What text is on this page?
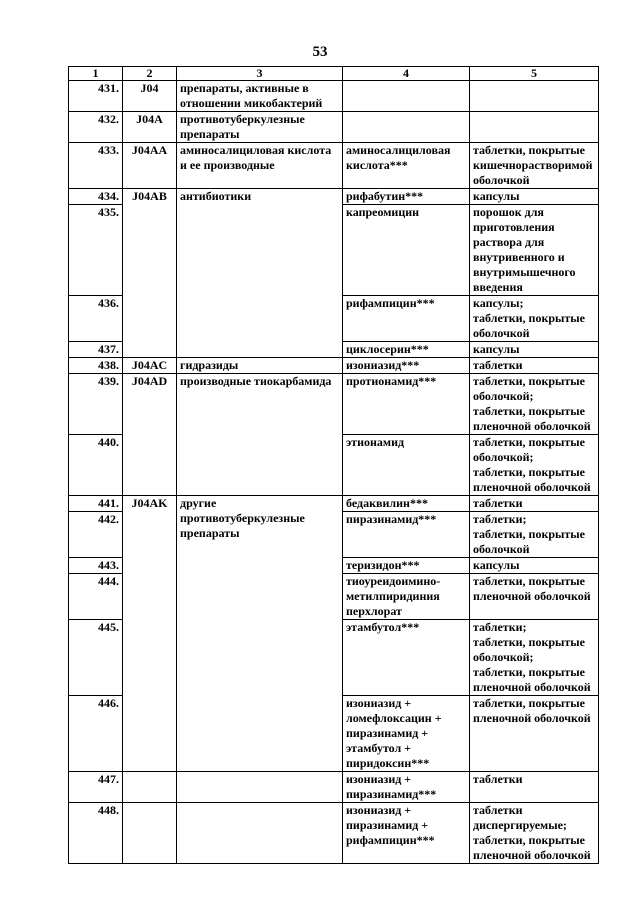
53
1	2	3	4	5
431.	J04	препараты, активные в отношении микобактерий		

432.	J04A	противотуберкулезные препараты		

433.	J04AA	аминосалициловая кислота и ее производные	аминосалициловая кислота***	таблетки, покрытые кишечнорастворимой оболочкой

434.	J04AB	антибиотики	рифабутин***	капсулы

435.			капреомицин	порошок для приготовления раствора для внутривенного и внутримышечного введения

436.			рифампицин***	капсулы;
таблетки, покрытые оболочкой

437.			циклосерин***	капсулы

438.	J04AC	гидразиды	изониазид***	таблетки

439.	J04AD	производные тиокарбамида	протионамид***	таблетки, покрытые оболочкой;
таблетки, покрытые пленочной оболочкой

440.			этионамид	таблетки, покрытые оболочкой;
таблетки, покрытые пленочной оболочкой

441.	J04AK	другие противотуберкулезные препараты	бедаквилин***	таблетки

442.			пиразинамид***	таблетки;
таблетки, покрытые оболочкой

443.			теризидон***	капсулы

444.			тиоуреидоимино-метилпиридиния перхлорат	таблетки, покрытые пленочной оболочкой

445.			этамбутол***	таблетки;
таблетки, покрытые оболочкой;
таблетки, покрытые пленочной оболочкой

446.			изониазид + ломефлоксацин + пиразинамид + этамбутол + пиридоксин***	таблетки, покрытые пленочной оболочкой

447.			изониазид + пиразинамид***	таблетки

448.			изониазид + пиразинамид + рифампицин***	таблетки диспергируемые;
таблетки, покрытые пленочной оболочкой
